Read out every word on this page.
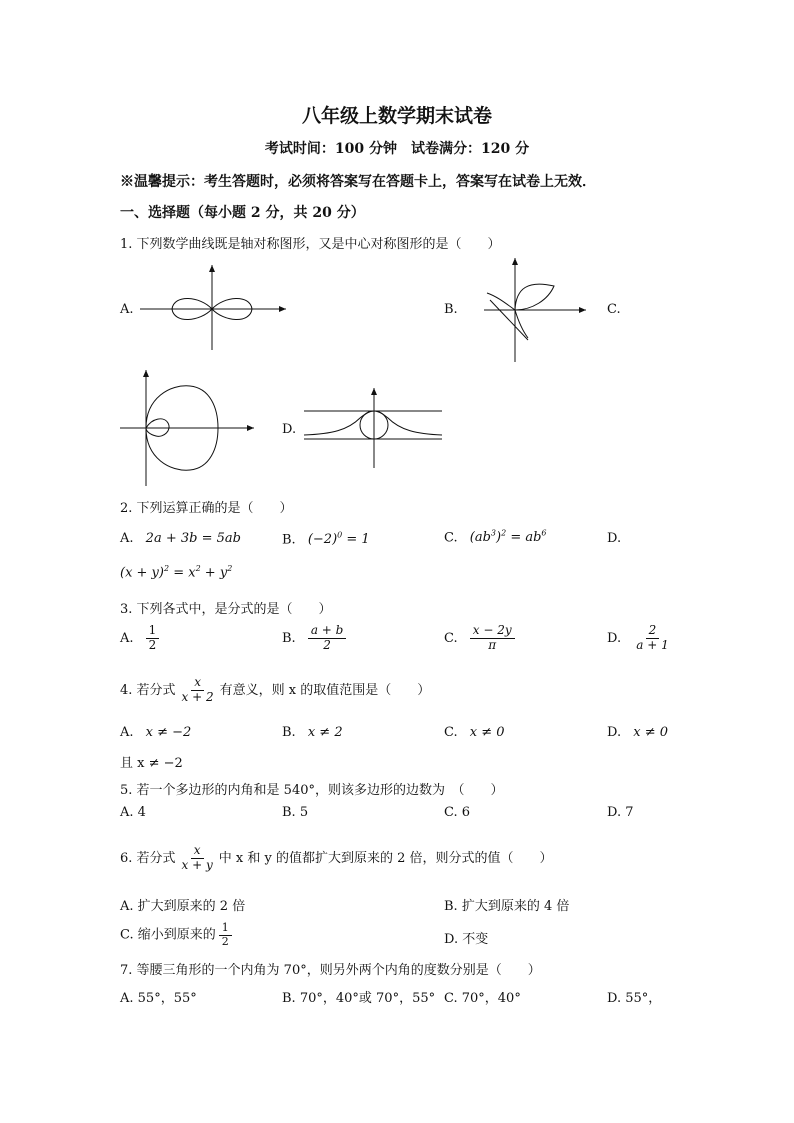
八年级上数学期末试卷
考试时间：100 分钟　试卷满分：120 分
※温馨提示：考生答题时，必须将答案写在答题卡上，答案写在试卷上无效．
一、选择题（每小题 2 分，共 20 分）
1. 下列数学曲线既是轴对称图形，又是中心对称图形的是（　　）
A.	B.	C.
D.
2. 下列运算正确的是（　　）
A. 2a + 3b = 5ab	B. $(-2)^0 = 1$	C. $(ab^3)^2 = ab^6$	D.
$(x + y)^2 = x^2 + y^2$
3. 下列各式中，是分式的是（　　）
A. $\frac{1}{2}$	B. $\frac{a + b}{2}$	C. $\frac{x - 2y}{\pi}$	D. $\frac{2}{a + 1}$
4. 若分式 $\frac{x}{x + 2}$ 有意义，则 x 的取值范围是（　　）
A. x ≠ −2	B. x ≠ 2	C. x ≠ 0	D. x ≠ 0
且 x ≠ −2
5. 若一个多边形的内角和是 540°，则该多边形的边数为　（　　）
A. 4	B. 5	C. 6	D. 7
6. 若分式 $\frac{x}{x + y}$ 中 x 和 y 的值都扩大到原来的 2 倍，则分式的值（　　）
A. 扩大到原来的 2 倍	B. 扩大到原来的 4 倍
C. 缩小到原来的 $\frac{1}{2}$	D. 不变
7. 等腰三角形的一个内角为 70°，则另外两个内角的度数分别是（　　）
A. 55°，55°	B. 70°，40°或 70°，55° C. 70°，40°	D. 55°，
